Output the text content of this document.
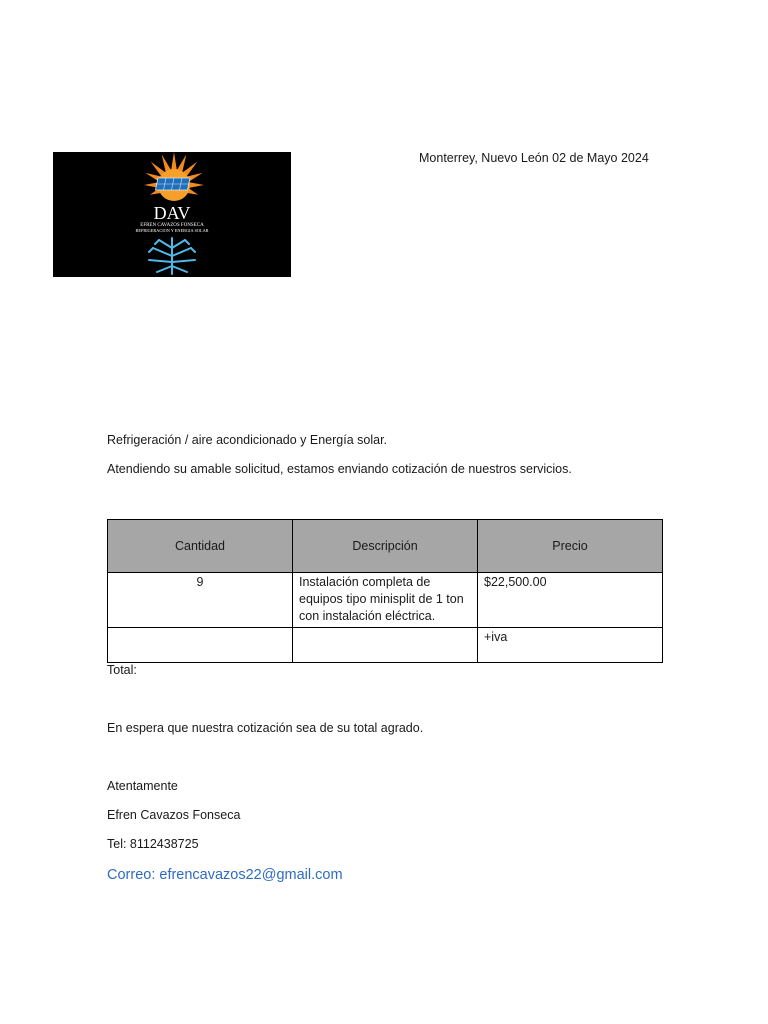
DAV
EFREN CAVAZOS FONSECA
REFRIGERACION Y ENERGIA SOLAR
Monterrey, Nuevo León 02 de Mayo 2024
Refrigeración / aire acondicionado y Energía solar.
Atendiendo su amable solicitud, estamos enviando cotización de nuestros servicios.
Cantidad	Descripción	Precio
9	Instalación completa de equipos tipo minisplit de 1 ton con instalación eléctrica.	$22,500.00
		+iva
Total:
En espera que nuestra cotización sea de su total agrado.
Atentamente
Efren Cavazos Fonseca
Tel: 8112438725
Correo: efrencavazos22@gmail.com
